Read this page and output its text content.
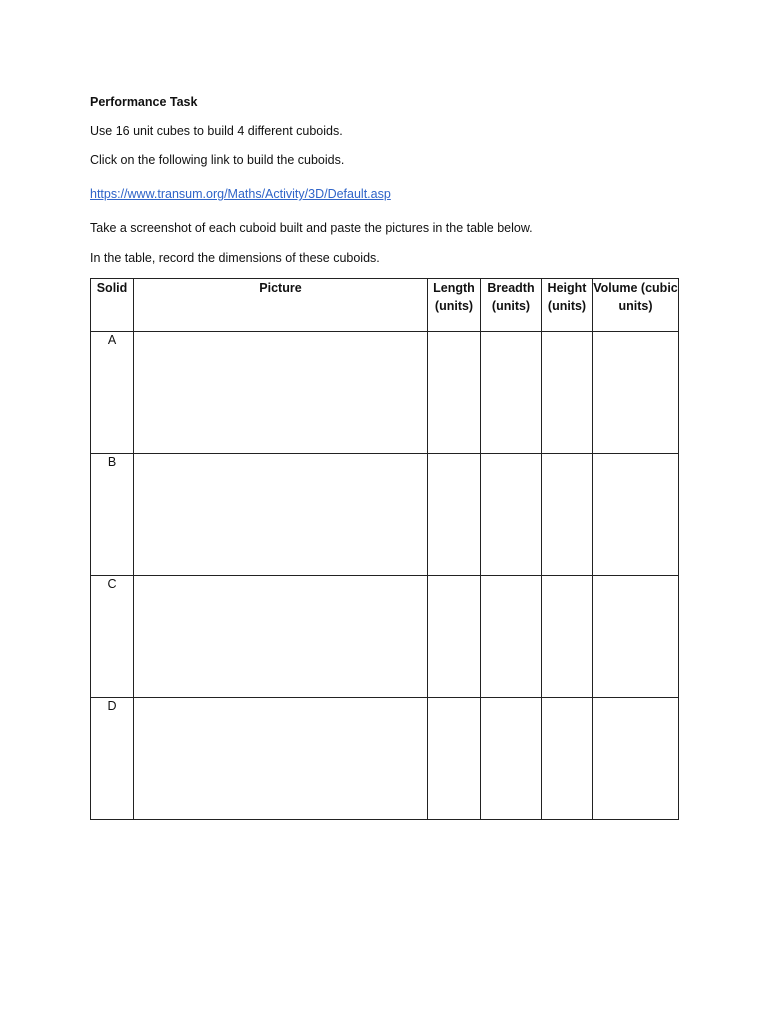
Performance Task
Use 16 unit cubes to build 4 different cuboids.
Click on the following link to build the cuboids.
https://www.transum.org/Maths/Activity/3D/Default.asp
Take a screenshot of each cuboid built and paste the pictures in the table below.
In the table, record the dimensions of these cuboids.
Solid	Picture	Length (units)	Breadth (units)	Height (units)	Volume (cubic units)
A					
B					
C					
D					
